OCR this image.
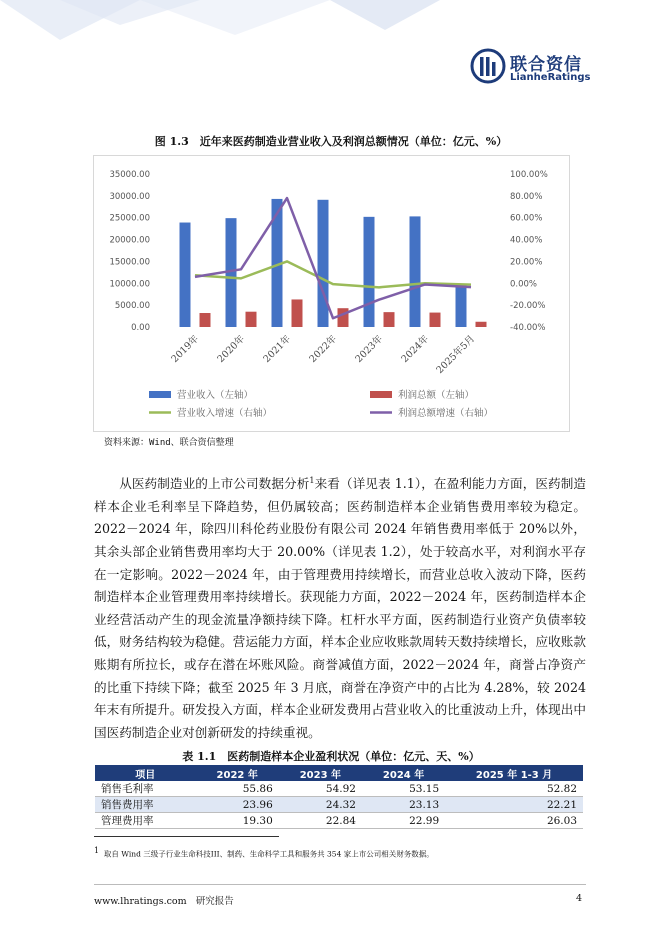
联合资信
LianheRatings
图 1.3　近年来医药制造业营业收入及利润总额情况（单位：亿元、%）
35000.00
30000.00
25000.00
20000.00
15000.00
10000.00
5000.00
0.00
100.00%
80.00%
60.00%
40.00%
20.00%
0.00%
-20.00%
-40.00%
2019年 2020年 2021年 2022年 2023年 2024年 2025年5月
营业收入（左轴）	利润总额（左轴）
营业收入增速（右轴）	利润总额增速（右轴）
资料来源：Wind、联合资信整理
从医药制造业的上市公司数据分析$^1$来看（详见表 1.1），在盈利能力方面，医药制造样本企业毛利率呈下降趋势，但仍属较高；医药制造样本企业销售费用率较为稳定。2022－2024 年，除四川科伦药业股份有限公司 2024 年销售费用率低于 20%以外，其余头部企业销售费用率均大于 20.00%（详见表 1.2），处于较高水平，对利润水平存在一定影响。2022－2024 年，由于管理费用持续增长，而营业总收入波动下降，医药制造样本企业管理费用率持续增长。获现能力方面，2022－2024 年，医药制造样本企业经营活动产生的现金流量净额持续下降。杠杆水平方面，医药制造行业资产负债率较低，财务结构较为稳健。营运能力方面，样本企业应收账款周转天数持续增长，应收账款账期有所拉长，或存在潜在坏账风险。商誉减值方面，2022－2024 年，商誉占净资产的比重下持续下降；截至 2025 年 3 月底，商誉在净资产中的占比为 4.28%，较 2024 年末有所提升。研发投入方面，样本企业研发费用占营业收入的比重波动上升，体现出中国医药制造企业对创新研发的持续重视。
表 1.1　医药制造样本企业盈利状况（单位：亿元、天、%）
项目	2022 年	2023 年	2024 年	2025 年 1-3 月
销售毛利率	55.86	54.92	53.15	52.82
销售费用率	23.96	24.32	23.13	22.21
管理费用率	19.30	22.84	22.99	26.03
$^1$ 取自 Wind 三级子行业生命科技III、制药、生命科学工具和服务共 354 家上市公司相关财务数据。
www.lhratings.com 研究报告	4
